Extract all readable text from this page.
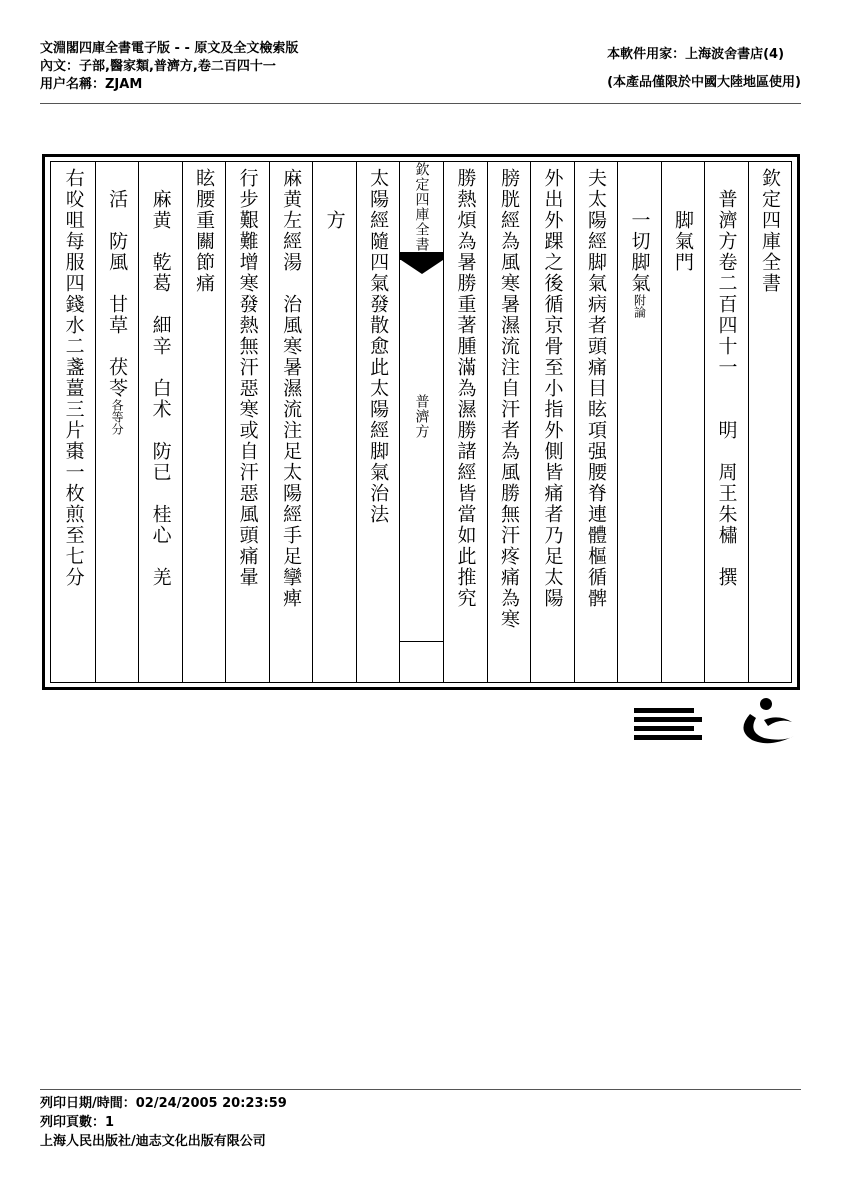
文淵閣四庫全書電子版 - - 原文及全文檢索版
內文：子部,醫家類,普濟方,卷二百四十一
用户名稱：ZJAM
本軟件用家：上海波舍書店(4)
(本產品僅限於中國大陸地區使用)
欽定四庫全書
　普濟方卷二百四十一　　明　周王朱橚　撰
　　脚氣門
　　一切脚氣附論
夫太陽經脚氣病者頭痛目眩項强腰脊連體樞循髀
外出外踝之後循京骨至小指外側皆痛者乃足太陽
膀胱經為風寒暑濕流注自汗者為風勝無汗疼痛為寒
勝熱煩為暑勝重著腫滿為濕勝諸經皆當如此推究
欽定四庫全書
普濟方
太陽經隨四氣發散愈此太陽經脚氣治法
　　方
麻黄左經湯　治風寒暑濕流注足太陽經手足攣痺
行步艱難增寒發熱無汗惡寒或自汗惡風頭痛暈
眩腰重關節痛
　麻黄　乾葛　細辛　白术　防已　桂心　羌
　活　防風　甘草　茯苓各等分
右㕮咀每服四錢水二盞薑三片棗一枚煎至七分
列印日期/時間：02/24/2005 20:23:59
列印頁數：1
上海人民出版社/迪志文化出版有限公司
